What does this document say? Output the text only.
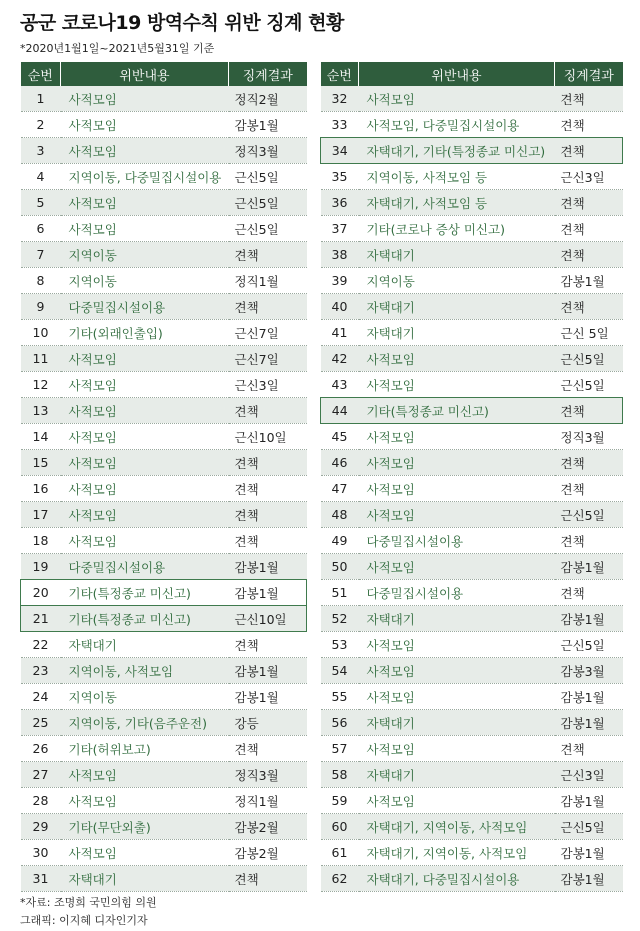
공군 코로나19 방역수칙 위반 징계 현황
*2020년1월1일~2021년5월31일 기준
순번	위반내용	징계결과
1	사적모임	정직2월
2	사적모임	감봉1월
3	사적모임	정직3월
4	지역이동, 다중밀집시설이용	근신5일
5	사적모임	근신5일
6	사적모임	근신5일
7	지역이동	견책
8	지역이동	정직1월
9	다중밀집시설이용	견책
10	기타(외래인출입)	근신7일
11	사적모임	근신7일
12	사적모임	근신3일
13	사적모임	견책
14	사적모임	근신10일
15	사적모임	견책
16	사적모임	견책
17	사적모임	견책
18	사적모임	견책
19	다중밀집시설이용	감봉1월
20	기타(특정종교 미신고)	감봉1월
21	기타(특정종교 미신고)	근신10일
22	자택대기	견책
23	지역이동, 사적모임	감봉1월
24	지역이동	감봉1월
25	지역이동, 기타(음주운전)	강등
26	기타(허위보고)	견책
27	사적모임	정직3월
28	사적모임	정직1월
29	기타(무단외출)	감봉2월
30	사적모임	감봉2월
31	자택대기	견책
순번	위반내용	징계결과
32	사적모임	견책
33	사적모임, 다중밀집시설이용	견책
34	자택대기, 기타(특정종교 미신고)	견책
35	지역이동, 사적모임 등	근신3일
36	자택대기, 사적모임 등	견책
37	기타(코로나 증상 미신고)	견책
38	자택대기	견책
39	지역이동	감봉1월
40	자택대기	견책
41	자택대기	근신 5일
42	사적모임	근신5일
43	사적모임	근신5일
44	기타(특정종교 미신고)	견책
45	사적모임	정직3월
46	사적모임	견책
47	사적모임	견책
48	사적모임	근신5일
49	다중밀집시설이용	견책
50	사적모임	감봉1월
51	다중밀집시설이용	견책
52	자택대기	감봉1월
53	사적모임	근신5일
54	사적모임	감봉3월
55	사적모임	감봉1월
56	자택대기	감봉1월
57	사적모임	견책
58	자택대기	근신3일
59	사적모임	감봉1월
60	자택대기, 지역이동, 사적모임	근신5일
61	자택대기, 지역이동, 사적모임	감봉1월
62	자택대기, 다중밀집시설이용	감봉1월
*자료: 조명희 국민의힘 의원
그래픽: 이지혜 디자인기자
